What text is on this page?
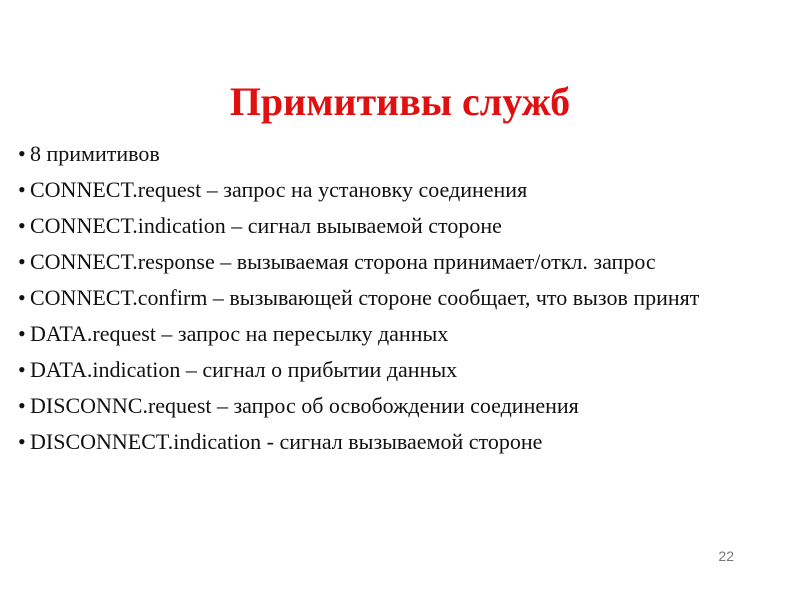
Примитивы служб
• 8 примитивов
• CONNECT.request – запрос на установку соединения
• CONNECT.indication – сигнал выываемой стороне
• CONNECT.response – вызываемая сторона принимает/откл. запрос
• CONNECT.confirm – вызывающей стороне сообщает, что вызов принят
• DATA.request – запрос на пересылку данных
• DATA.indication – сигнал о прибытии данных
• DISCONNC.request – запрос об освобождении соединения
• DISCONNECT.indication - сигнал вызываемой стороне
22
